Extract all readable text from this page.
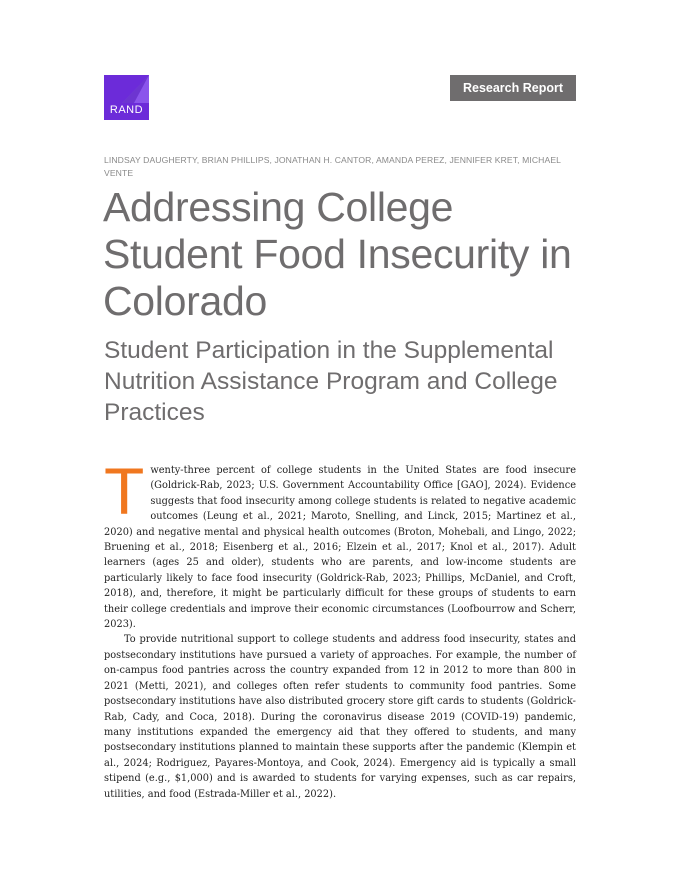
RAND
Research Report
LINDSAY DAUGHERTY, BRIAN PHILLIPS, JONATHAN H. CANTOR, AMANDA PEREZ, JENNIFER KRET, MICHAEL VENTE
Addressing College Student Food Insecurity in Colorado
Student Participation in the Supplemental Nutrition Assistance Program and College Practices

Twenty-three percent of college students in the United States are food insecure (Goldrick-Rab, 2023; U.S. Government Accountability Office [GAO], 2024). Evidence suggests that food insecurity among college students is related to negative academic outcomes (Leung et al., 2021; Maroto, Snelling, and Linck, 2015; Martinez et al., 2020) and negative mental and physical health outcomes (Broton, Mohebali, and Lingo, 2022; Bruening et al., 2018; Eisenberg et al., 2016; Elzein et al., 2017; Knol et al., 2017). Adult learners (ages 25 and older), students who are parents, and low-income students are particularly likely to face food insecurity (Goldrick-Rab, 2023; Phillips, McDaniel, and Croft, 2018), and, therefore, it might be particularly difficult for these groups of students to earn their college credentials and improve their economic circumstances (Loofbourrow and Scherr, 2023).

To provide nutritional support to college students and address food insecurity, states and postsecondary institutions have pursued a variety of approaches. For example, the number of on-campus food pantries across the country expanded from 12 in 2012 to more than 800 in 2021 (Metti, 2021), and colleges often refer students to community food pantries. Some postsecondary institutions have also distributed grocery store gift cards to students (Goldrick-Rab, Cady, and Coca, 2018). During the coronavirus disease 2019 (COVID-19) pandemic, many institutions expanded the emergency aid that they offered to students, and many postsecondary institutions planned to maintain these supports after the pandemic (Klempin et al., 2024; Rodriguez, Payares-Montoya, and Cook, 2024). Emergency aid is typically a small stipend (e.g., $1,000) and is awarded to students for varying expenses, such as car repairs, utilities, and food (Estrada-Miller et al., 2022).
